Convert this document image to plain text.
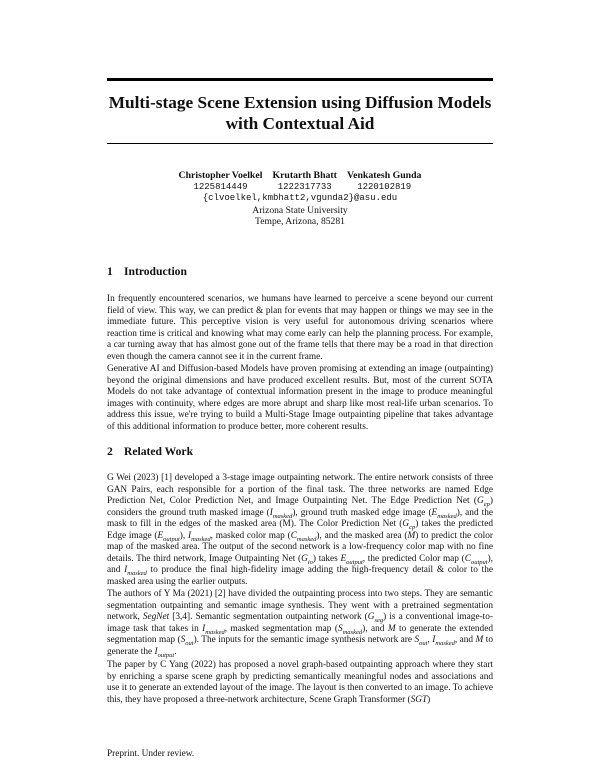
Multi-stage Scene Extension using Diffusion Models with Contextual Aid
Christopher Voelkel
1225814449
Krutarth Bhatt
1222317733
Venkatesh Gunda
1220102819
{clvoelkel,kmbhatt2,vgunda2}@asu.edu
Arizona State University
Tempe, Arizona, 85281
1 Introduction

In frequently encountered scenarios, we humans have learned to perceive a scene beyond our current field of view. This way, we can predict & plan for events that may happen or things we may see in the immediate future. This perceptive vision is very useful for autonomous driving scenarios where reaction time is critical and knowing what may come early can help the planning process. For example, a car turning away that has almost gone out of the frame tells that there may be a road in that direction even though the camera cannot see it in the current frame.

Generative AI and Diffusion-based Models have proven promising at extending an image (outpainting) beyond the original dimensions and have produced excellent results. But, most of the current SOTA Models do not take advantage of contextual information present in the image to produce meaningful images with continuity, where edges are more abrupt and sharp like most real-life urban scenarios. To address this issue, we're trying to build a Multi-Stage Image outpainting pipeline that takes advantage of this additional information to produce better, more coherent results.

2 Related Work

G Wei (2023) [1] developed a 3-stage image outpainting network. The entire network consists of three GAN Pairs, each responsible for a portion of the final task. The three networks are named Edge Prediction Net, Color Prediction Net, and Image Outpainting Net. The Edge Prediction Net $(G_{ep})$ considers the ground truth masked image $(I_{masked})$, ground truth masked edge image $(E_{masked})$, and the mask to fill in the edges of the masked area (M). The Color Prediction Net $(G_{cp})$ takes the predicted Edge image $(E_{output})$, $I_{masked}$, masked color map $(C_{masked})$, and the masked area (M) to predict the color map of the masked area. The output of the second network is a low-frequency color map with no fine details. The third network, Image Outpainting Net $(G_{io})$ takes $E_{output}$, the predicted Color map $(C_{output})$, and $I_{masked}$ to produce the final high-fidelity image adding the high-frequency detail & color to the masked area using the earlier outputs.

The authors of Y Ma (2021) [2] have divided the outpainting process into two steps. They are semantic segmentation outpainting and semantic image synthesis. They went with a pretrained segmentation network, SegNet [3,4]. Semantic segmentation outpainting network $(G_{seg})$ is a conventional image-to-image task that takes in $I_{masked}$, masked segmentation map $(S_{masked})$, and M to generate the extended segmentation map $(S_{out})$. The inputs for the semantic image synthesis network are $S_{out}$, $I_{masked}$, and M to generate the $I_{output}$.

The paper by C Yang (2022) has proposed a novel graph-based outpainting approach where they start by enriching a sparse scene graph by predicting semantically meaningful nodes and associations and use it to generate an extended layout of the image. The layout is then converted to an image. To achieve this, they have proposed a three-network architecture, Scene Graph Transformer (SGT)

Preprint. Under review.
